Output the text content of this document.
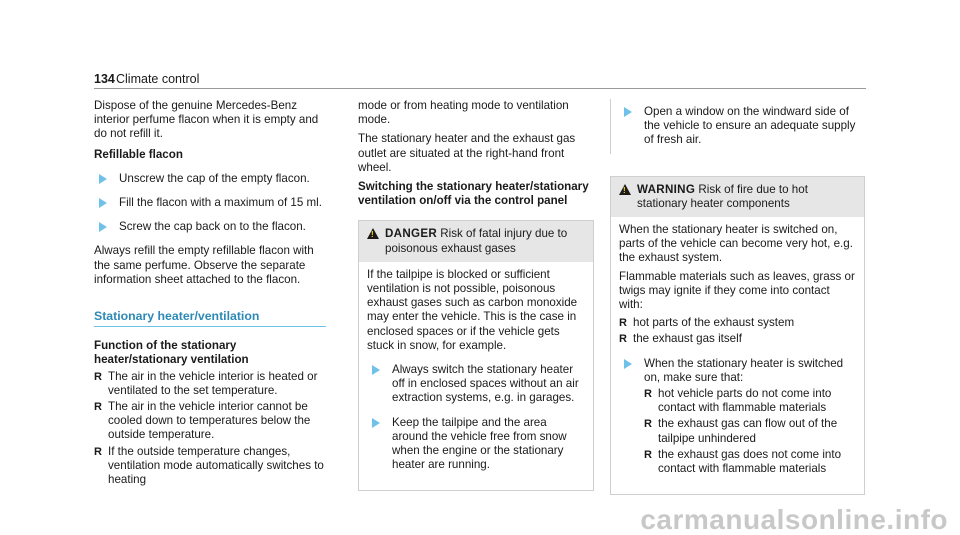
134 Climate control

Dispose of the genuine Mercedes-Benz interior perfume flacon when it is empty and do not refill it.

Refillable flacon

Unscrew the cap of the empty flacon.
Fill the flacon with a maximum of 15 ml.
Screw the cap back on to the flacon.

Always refill the empty refillable flacon with the same perfume. Observe the separate information sheet attached to the flacon.

Stationary heater/ventilation

Function of the stationary heater/stationary ventilation

R The air in the vehicle interior is heated or ventilated to the set temperature.
R The air in the vehicle interior cannot be cooled down to temperatures below the outside temperature.
R If the outside temperature changes, ventilation mode automatically switches to heating

mode or from heating mode to ventilation mode.

The stationary heater and the exhaust gas outlet are situated at the right-hand front wheel.

Switching the stationary heater/stationary ventilation on/off via the control panel

! DANGER Risk of fatal injury due to poisonous exhaust gases

If the tailpipe is blocked or sufficient ventilation is not possible, poisonous exhaust gases such as carbon monoxide may enter the vehicle. This is the case in enclosed spaces or if the vehicle gets stuck in snow, for example.

Always switch the stationary heater off in enclosed spaces without an air extraction systems, e.g. in garages.
Keep the tailpipe and the area around the vehicle free from snow when the engine or the stationary heater are running.
Open a window on the windward side of the vehicle to ensure an adequate supply of fresh air.
! WARNING Risk of fire due to hot stationary heater components

When the stationary heater is switched on, parts of the vehicle can become very hot, e.g. the exhaust system.

Flammable materials such as leaves, grass or twigs may ignite if they come into contact with:

R hot parts of the exhaust system
R the exhaust gas itself
When the stationary heater is switched on, make sure that:
R hot vehicle parts do not come into contact with flammable materials
R the exhaust gas can flow out of the tailpipe unhindered
R the exhaust gas does not come into contact with flammable materials
carmanualsonline.info
